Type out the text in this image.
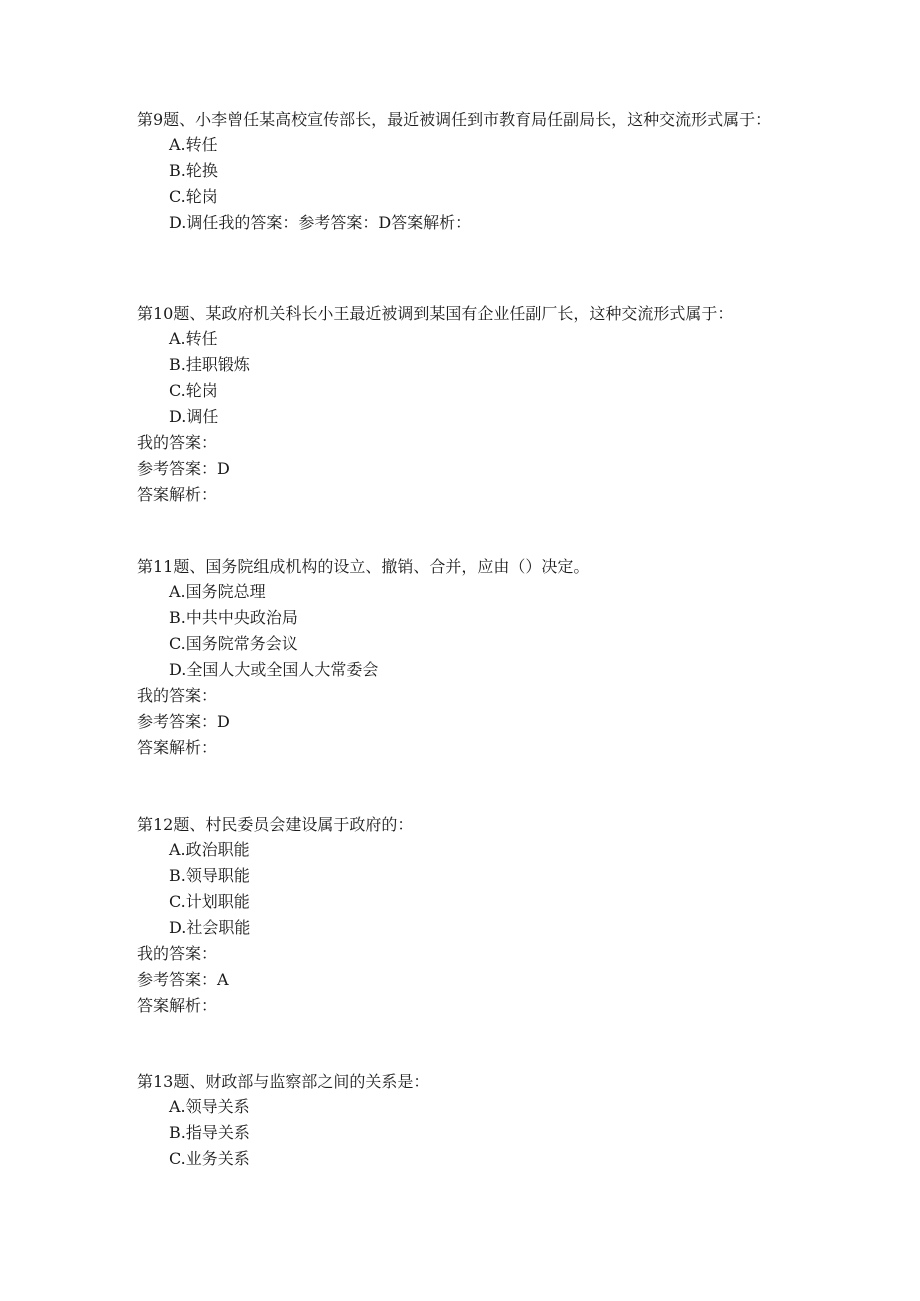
第9题、小李曾任某高校宣传部长，最近被调任到市教育局任副局长，这种交流形式属于：

A.转任
B.轮换
C.轮岗
D.调任我的答案：参考答案：D答案解析：

第10题、某政府机关科长小王最近被调到某国有企业任副厂长，这种交流形式属于：

A.转任
B.挂职锻炼
C.轮岗
D.调任
我的答案：
参考答案：D
答案解析：

第11题、国务院组成机构的设立、撤销、合并，应由（）决定。

A.国务院总理
B.中共中央政治局
C.国务院常务会议
D.全国人大或全国人大常委会
我的答案：
参考答案：D
答案解析：

第12题、村民委员会建设属于政府的：

A.政治职能
B.领导职能
C.计划职能
D.社会职能
我的答案：
参考答案：A
答案解析：

第13题、财政部与监察部之间的关系是：

A.领导关系
B.指导关系
C.业务关系
